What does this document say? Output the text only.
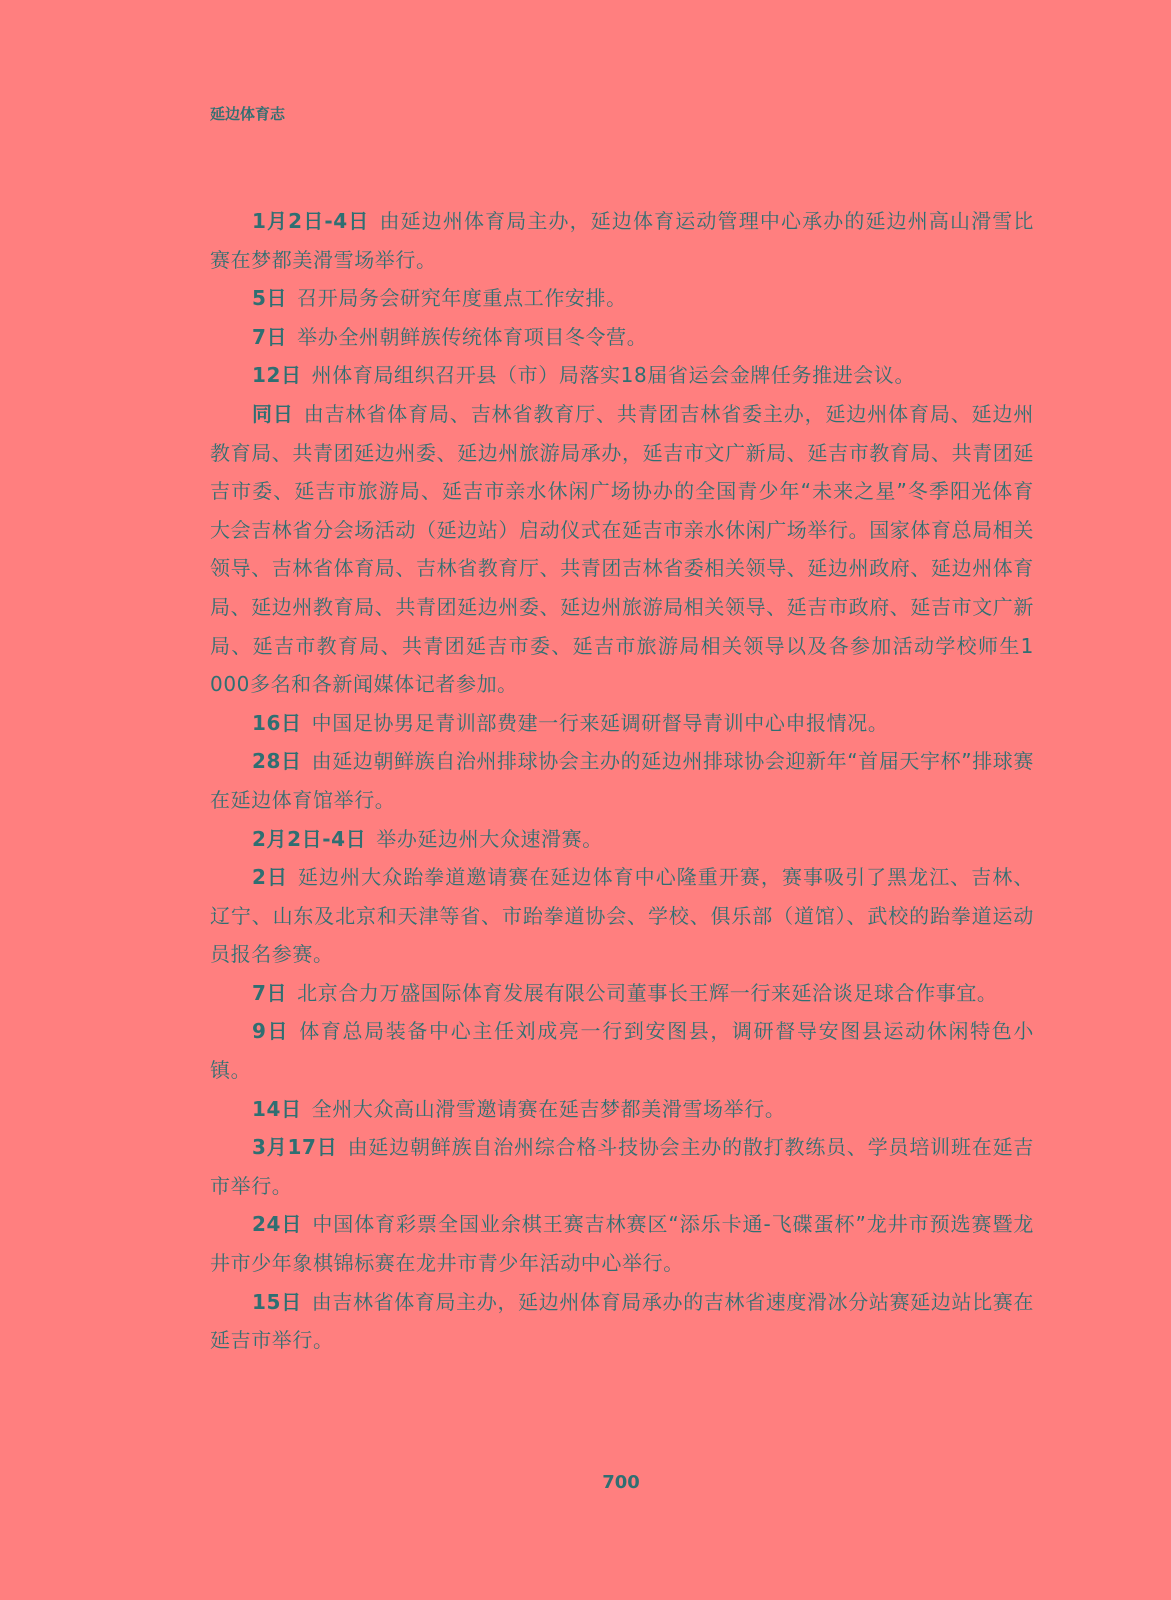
延边体育志

1月2日-4日 由延边州体育局主办，延边体育运动管理中心承办的延边州高山滑雪比赛在梦都美滑雪场举行。

5日 召开局务会研究年度重点工作安排。

7日 举办全州朝鲜族传统体育项目冬令营。

12日 州体育局组织召开县（市）局落实18届省运会金牌任务推进会议。

同日 由吉林省体育局、吉林省教育厅、共青团吉林省委主办，延边州体育局、延边州教育局、共青团延边州委、延边州旅游局承办，延吉市文广新局、延吉市教育局、共青团延吉市委、延吉市旅游局、延吉市亲水休闲广场协办的全国青少年“未来之星”冬季阳光体育大会吉林省分会场活动（延边站）启动仪式在延吉市亲水休闲广场举行。国家体育总局相关领导、吉林省体育局、吉林省教育厅、共青团吉林省委相关领导、延边州政府、延边州体育局、延边州教育局、共青团延边州委、延边州旅游局相关领导、延吉市政府、延吉市文广新局、延吉市教育局、共青团延吉市委、延吉市旅游局相关领导以及各参加活动学校师生1 000多名和各新闻媒体记者参加。

16日 中国足协男足青训部费建一行来延调研督导青训中心申报情况。

28日 由延边朝鲜族自治州排球协会主办的延边州排球协会迎新年“首届天宇杯”排球赛在延边体育馆举行。

2月2日-4日 举办延边州大众速滑赛。

2日 延边州大众跆拳道邀请赛在延边体育中心隆重开赛，赛事吸引了黑龙江、吉林、辽宁、山东及北京和天津等省、市跆拳道协会、学校、俱乐部（道馆）、武校的跆拳道运动员报名参赛。

7日 北京合力万盛国际体育发展有限公司董事长王辉一行来延洽谈足球合作事宜。

9日 体育总局装备中心主任刘成亮一行到安图县，调研督导安图县运动休闲特色小镇。

14日 全州大众高山滑雪邀请赛在延吉梦都美滑雪场举行。

3月17日 由延边朝鲜族自治州综合格斗技协会主办的散打教练员、学员培训班在延吉市举行。

24日 中国体育彩票全国业余棋王赛吉林赛区“添乐卡通-飞碟蛋杯”龙井市预选赛暨龙井市少年象棋锦标赛在龙井市青少年活动中心举行。

15日 由吉林省体育局主办，延边州体育局承办的吉林省速度滑冰分站赛延边站比赛在延吉市举行。

700
